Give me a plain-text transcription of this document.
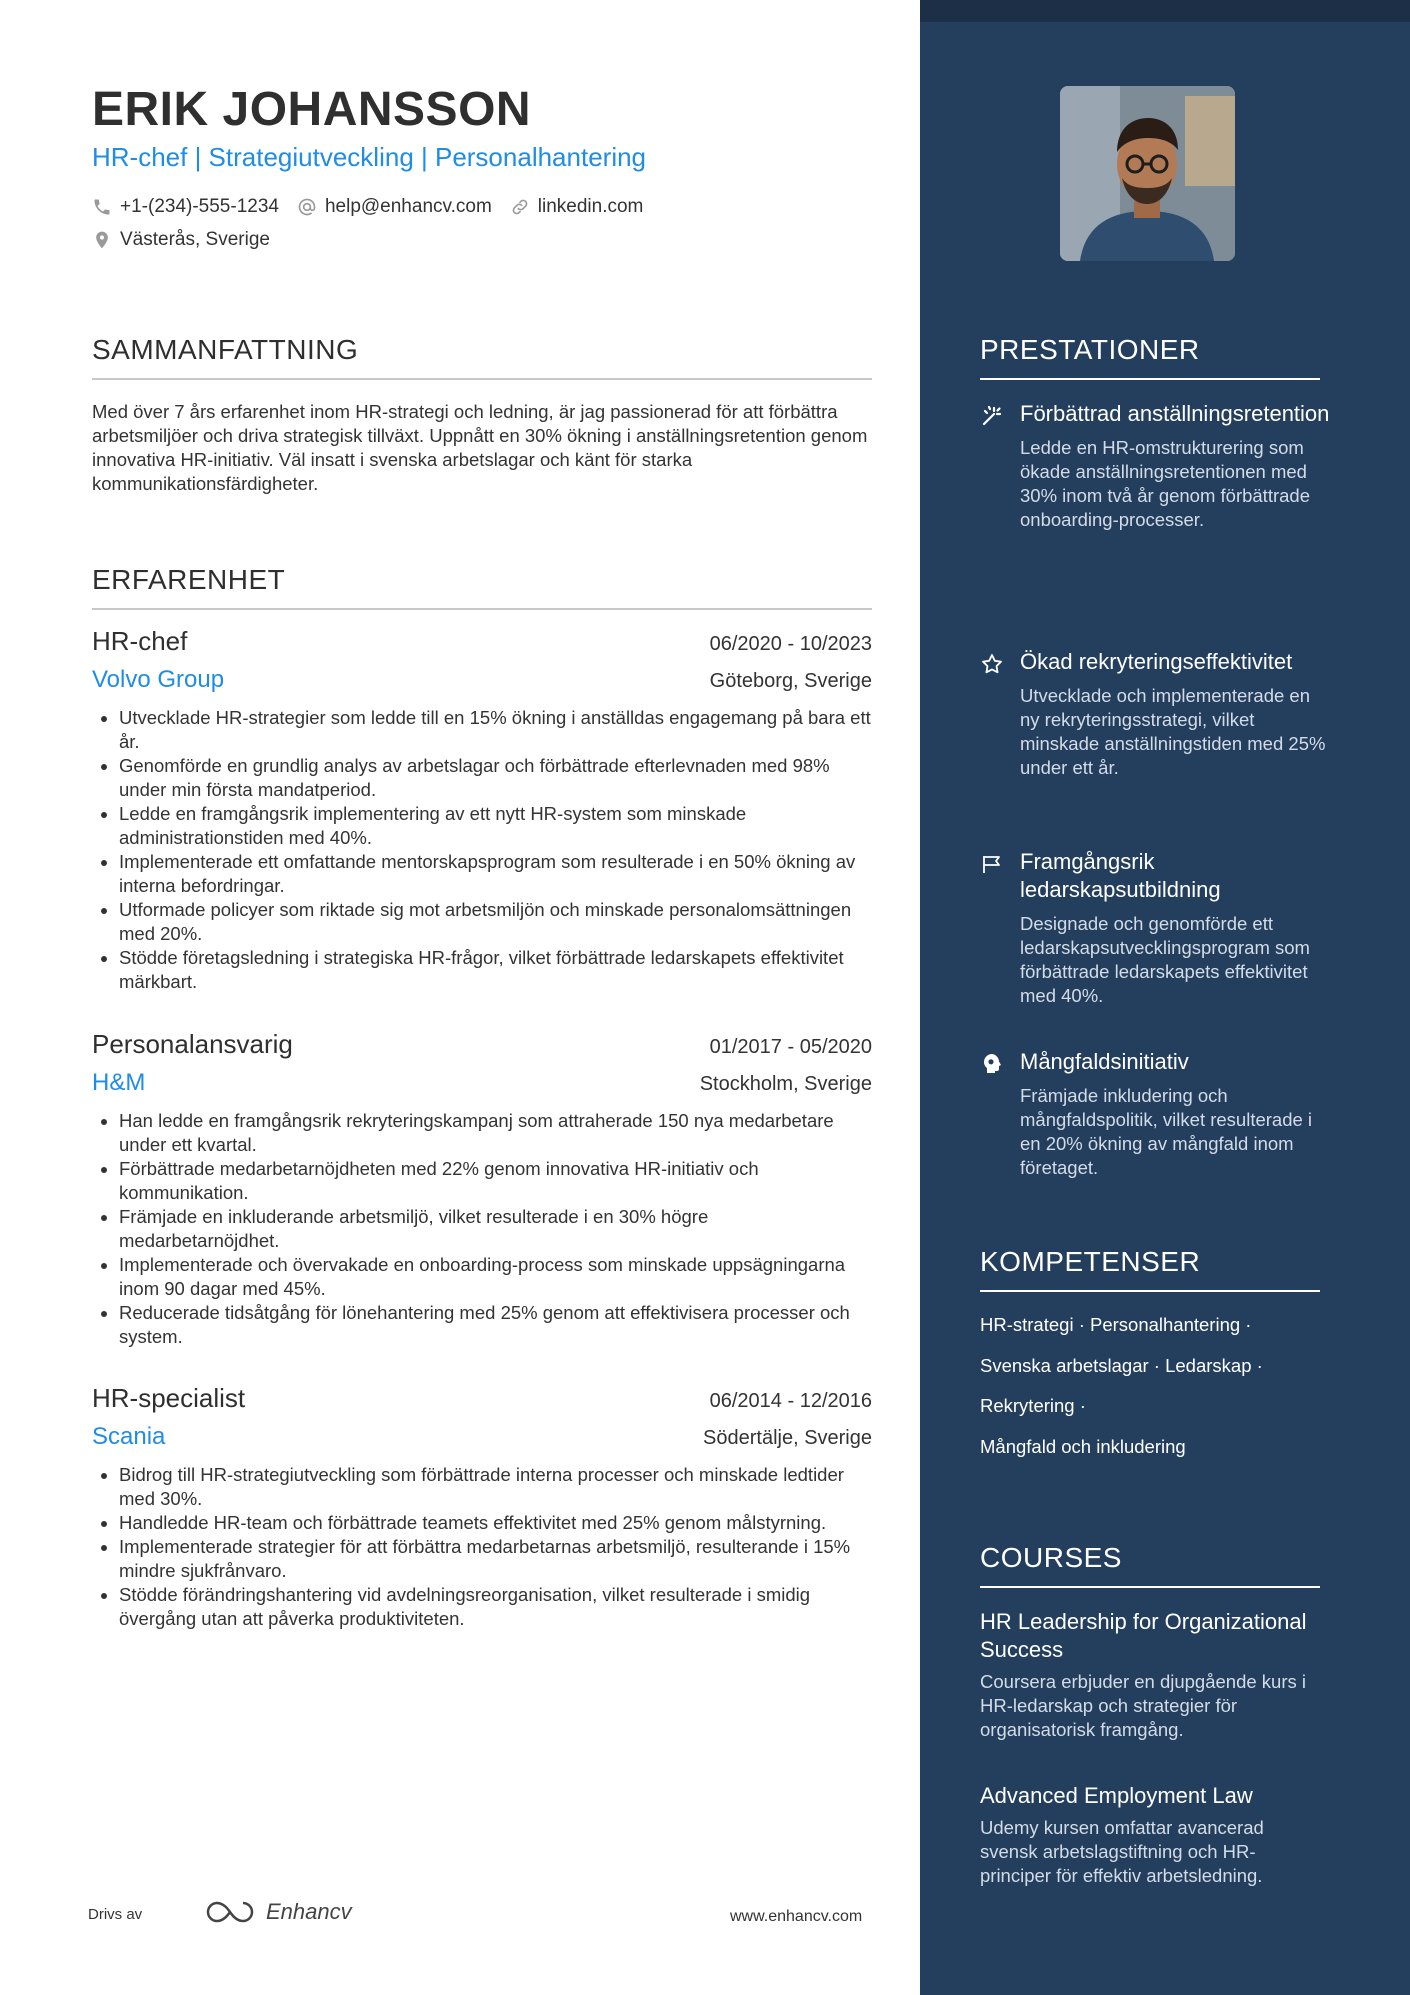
ERIK JOHANSSON
HR-chef | Strategiutveckling | Personalhantering
+1-(234)-555-1234 help@enhancv.com linkedin.com
Västerås, Sverige
SAMMANFATTNING

Med över 7 års erfarenhet inom HR-strategi och ledning, är jag passionerad för att förbättra arbetsmiljöer och driva strategisk tillväxt. Uppnått en 30% ökning i anställningsretention genom innovativa HR-initiativ. Väl insatt i svenska arbetslagar och känt för starka kommunikationsfärdigheter.

ERFARENHET
HR-chef	06/2020 - 10/2023
Volvo Group	Göteborg, Sverige
• Utvecklade HR-strategier som ledde till en 15% ökning i anställdas engagemang på bara ett år.
• Genomförde en grundlig analys av arbetslagar och förbättrade efterlevnaden med 98% under min första mandatperiod.
• Ledde en framgångsrik implementering av ett nytt HR-system som minskade administrationstiden med 40%.
• Implementerade ett omfattande mentorskapsprogram som resulterade i en 50% ökning av interna befordringar.
• Utformade policyer som riktade sig mot arbetsmiljön och minskade personalomsättningen med 20%.
• Stödde företagsledning i strategiska HR-frågor, vilket förbättrade ledarskapets effektivitet märkbart.
Personalansvarig	01/2017 - 05/2020
H&M	Stockholm, Sverige
• Han ledde en framgångsrik rekryteringskampanj som attraherade 150 nya medarbetare under ett kvartal.
• Förbättrade medarbetarnöjdheten med 22% genom innovativa HR-initiativ och kommunikation.
• Främjade en inkluderande arbetsmiljö, vilket resulterade i en 30% högre medarbetarnöjdhet.
• Implementerade och övervakade en onboarding-process som minskade uppsägningarna inom 90 dagar med 45%.
• Reducerade tidsåtgång för lönehantering med 25% genom att effektivisera processer och system.
HR-specialist	06/2014 - 12/2016
Scania	Södertälje, Sverige
• Bidrog till HR-strategiutveckling som förbättrade interna processer och minskade ledtider med 30%.
• Handledde HR-team och förbättrade teamets effektivitet med 25% genom målstyrning.
• Implementerade strategier för att förbättra medarbetarnas arbetsmiljö, resulterande i 15% mindre sjukfrånvaro.
• Stödde förändringshantering vid avdelningsreorganisation, vilket resulterade i smidig övergång utan att påverka produktiviteten.
Drivs av	Enhancv	www.enhancv.com
PRESTATIONER
Förbättrad anställningsretention
Ledde en HR-omstrukturering som ökade anställningsretentionen med 30% inom två år genom förbättrade onboarding-processer.
Ökad rekryteringseffektivitet
Utvecklade och implementerade en ny rekryteringsstrategi, vilket minskade anställningstiden med 25% under ett år.
Framgångsrik ledarskapsutbildning
Designade och genomförde ett ledarskapsutvecklingsprogram som förbättrade ledarskapets effektivitet med 40%.
Mångfaldsinitiativ
Främjade inkludering och mångfaldspolitik, vilket resulterade i en 20% ökning av mångfald inom företaget.
KOMPETENSER
HR-strategi · Personalhantering ·
Svenska arbetslagar · Ledarskap ·
Rekrytering ·
Mångfald och inkludering
COURSES
HR Leadership for Organizational Success
Coursera erbjuder en djupgående kurs i HR-ledarskap och strategier för organisatorisk framgång.
Advanced Employment Law
Udemy kursen omfattar avancerad svensk arbetslagstiftning och HR-principer för effektiv arbetsledning.
